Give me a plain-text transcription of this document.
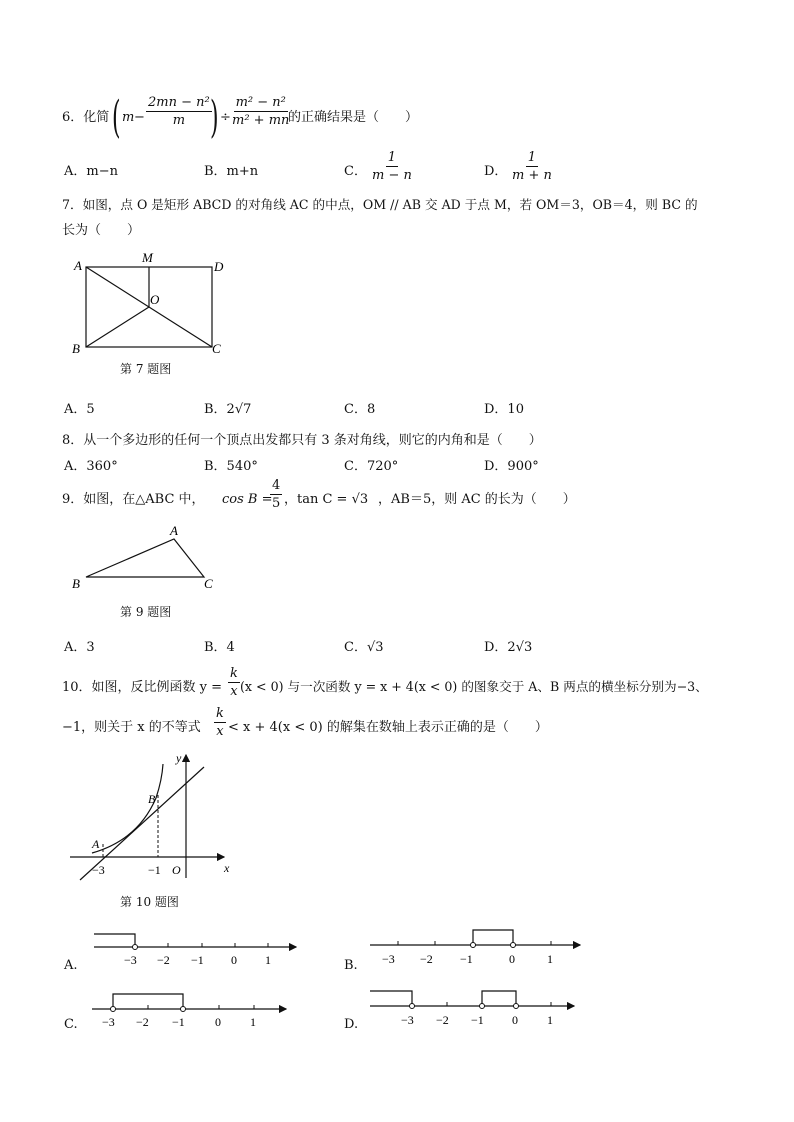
6．化简 ( $m - \frac{\text{2mn − n²}}{m}$
) ÷ $\frac{\text{m² − n²}}{\text{m² + mn}}$
的正确结果是（　　）
A．m−n	B．m+n	C． $\frac{1}{m - n}$	D． $\frac{1}{m + n}$
7．如图，点 O 是矩形 ABCD 的对角线 AC 的中点，OM // AB 交 AD 于点 M，若 OM＝3，OB＝4，则 BC 的
长为（　　）
A
M
D
O
B	C
第 7 题图
A．5	B．2√7	C．8	D．10
8．从一个多边形的任何一个顶点出发都只有 3 条对角线，则它的内角和是（　　）
A．360°	B．540°	C．720°	D．900°
9．如图，在△ABC 中， cos B =
$\frac{4}{5}$ ，tan C = √3 ，AB＝5，则 AC 的长为（　　）
A
B	C
第 9 题图
A．3	B．4	C．√3	D．2√3
10．如图，反比例函数 $y = \frac{k}{x} (x < 0)$ 与一次函数 y = x + 4(x < 0) 的图象交于 A、B 两点的横坐标分别为−3、
−1，则关于 x 的不等式 $\frac{k}{x} < x + 4(x < 0)$ 的解集在数轴上表示正确的是（　　）
y
x
A
B
O
−3	−1
第 10 题图
A.	−3 −2 −1 0 1	B. −3 −2 −1	0	1
C. −3 −2 −1	0 1	D.	−3 −2 −1 0 1
